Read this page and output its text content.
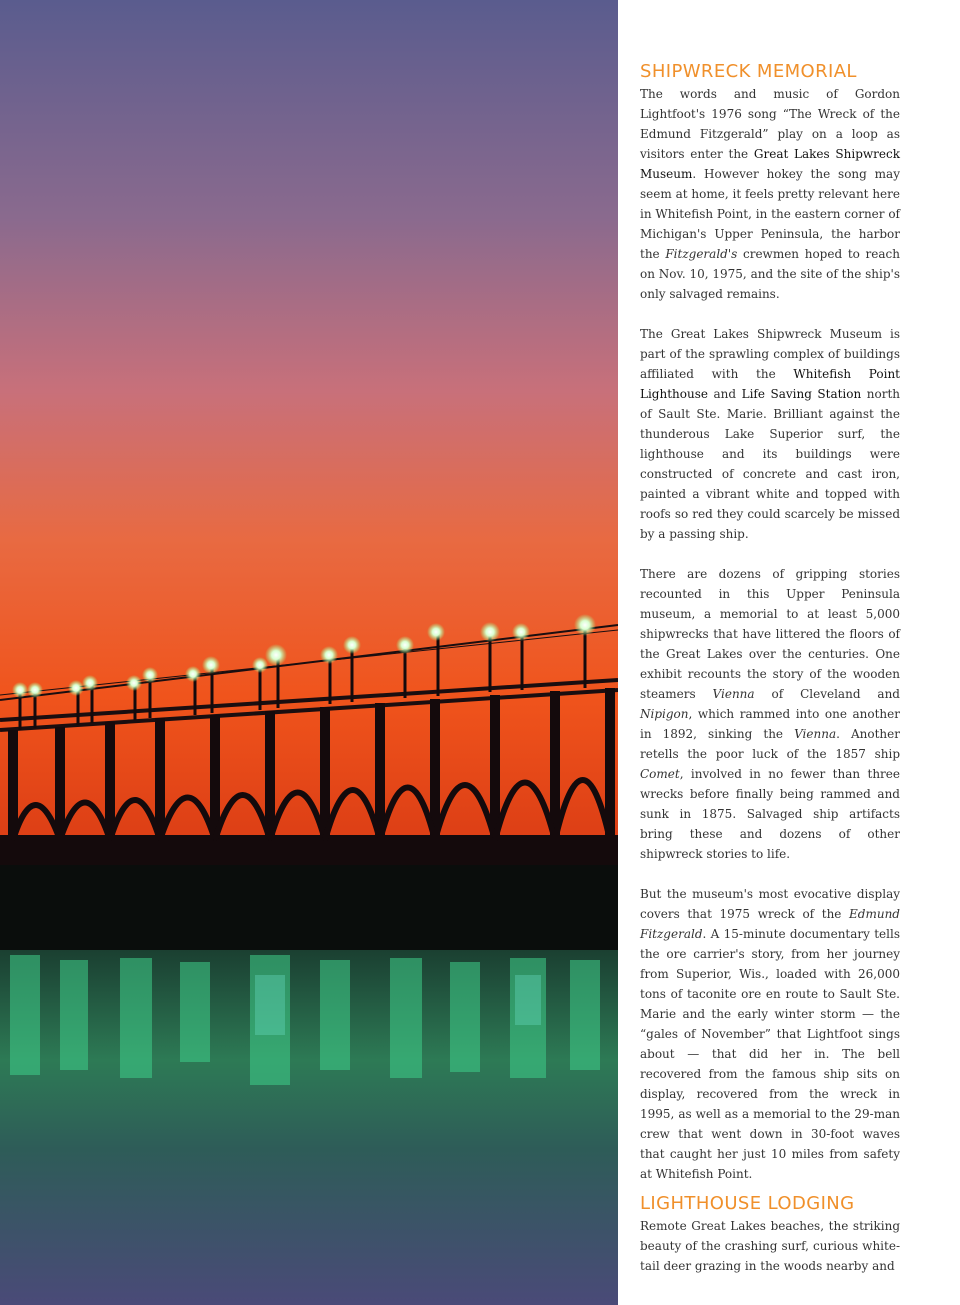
SHIPWRECK MEMORIAL

The words and music of Gordon Lightfoot's 1976 song “The Wreck of the Edmund Fitzgerald” play on a loop as visitors enter the Great Lakes Shipwreck Museum. However hokey the song may seem at home, it feels pretty relevant here in Whitefish Point, in the eastern corner of Michigan's Upper Peninsula, the harbor the Fitzgerald's crewmen hoped to reach on Nov. 10, 1975, and the site of the ship's only salvaged remains.

The Great Lakes Shipwreck Museum is part of the sprawling complex of buildings affiliated with the Whitefish Point Lighthouse and Life Saving Station north of Sault Ste. Marie. Brilliant against the thunderous Lake Superior surf, the lighthouse and its buildings were constructed of concrete and cast iron, painted a vibrant white and topped with roofs so red they could scarcely be missed by a passing ship.

There are dozens of gripping stories recounted in this Upper Peninsula museum, a memorial to at least 5,000 shipwrecks that have littered the floors of the Great Lakes over the centuries. One exhibit recounts the story of the wooden steamers Vienna of Cleveland and Nipigon, which rammed into one another in 1892, sinking the Vienna. Another retells the poor luck of the 1857 ship Comet, involved in no fewer than three wrecks before finally being rammed and sunk in 1875. Salvaged ship artifacts bring these and dozens of other shipwreck stories to life.

But the museum's most evocative display covers that 1975 wreck of the Edmund Fitzgerald. A 15-minute documentary tells the ore carrier's story, from her journey from Superior, Wis., loaded with 26,000 tons of taconite ore en route to Sault Ste. Marie and the early winter storm — the “gales of November” that Lightfoot sings about — that did her in. The bell recovered from the famous ship sits on display, recovered from the wreck in 1995, as well as a memorial to the 29-man crew that went down in 30-foot waves that caught her just 10 miles from safety at Whitefish Point.

LIGHTHOUSE LODGING

Remote Great Lakes beaches, the striking beauty of the crashing surf, curious white-tail deer grazing in the woods nearby and
